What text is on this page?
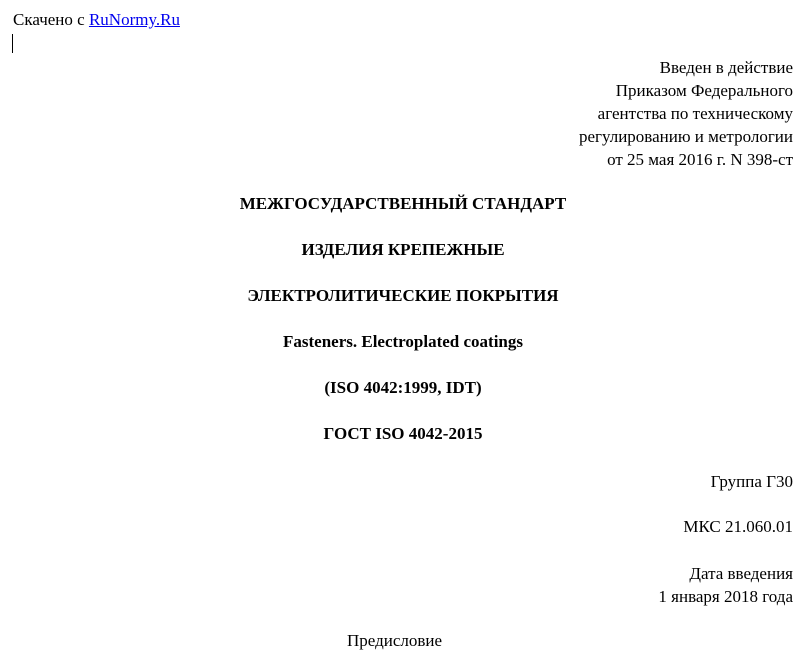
Скачено с RuNormy.Ru
Введен в действие
Приказом Федерального
агентства по техническому
регулированию и метрологии
от 25 мая 2016 г. N 398-ст
МЕЖГОСУДАРСТВЕННЫЙ СТАНДАРТ
ИЗДЕЛИЯ КРЕПЕЖНЫЕ
ЭЛЕКТРОЛИТИЧЕСКИЕ ПОКРЫТИЯ
Fasteners. Electroplated coatings
(ISO 4042:1999, IDT)
ГОСТ ISO 4042-2015
Группа Г30
МКС 21.060.01
Дата введения
1 января 2018 года
Предисловие
